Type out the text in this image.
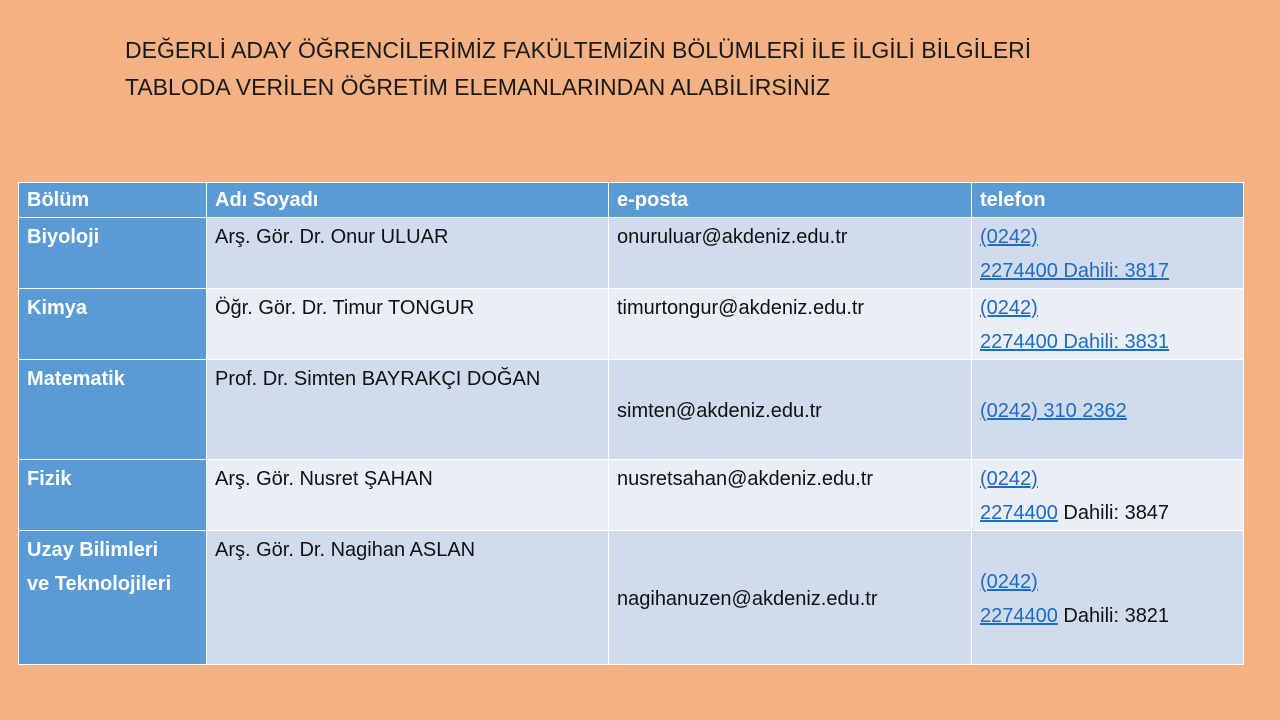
DEĞERLİ ADAY ÖĞRENCİLERİMİZ FAKÜLTEMİZİN BÖLÜMLERİ İLE İLGİLİ BİLGİLERİ
TABLODA VERİLEN ÖĞRETİM ELEMANLARINDAN ALABİLİRSİNİZ
Bölüm	Adı Soyadı	e-posta	telefon
Biyoloji	Arş. Gör. Dr. Onur ULUAR	onuruluar@akdeniz.edu.tr	(0242)
2274400 Dahili: 3817
Kimya	Öğr. Gör. Dr. Timur TONGUR	timurtongur@akdeniz.edu.tr	(0242)
2274400 Dahili: 3831
Matematik	Prof. Dr. Simten BAYRAKÇI DOĞAN	simten@akdeniz.edu.tr	(0242) 310 2362
Fizik	Arş. Gör. Nusret ŞAHAN	nusretsahan@akdeniz.edu.tr	(0242)
2274400 Dahili: 3847
Uzay Bilimleri
ve Teknolojileri	Arş. Gör. Dr. Nagihan ASLAN	nagihanuzen@akdeniz.edu.tr	(0242)
2274400 Dahili: 3821
